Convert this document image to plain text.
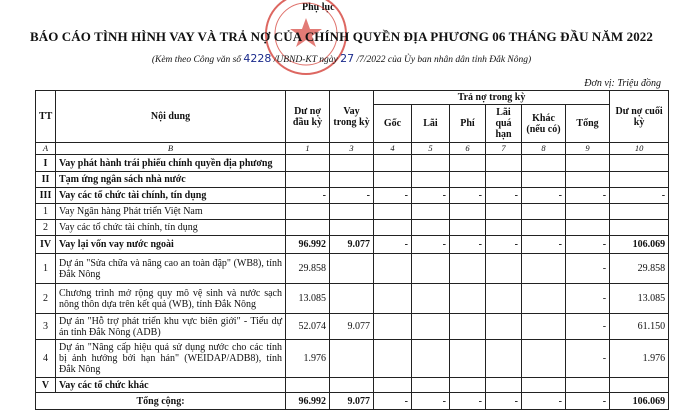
Phụ lục
BÁO CÁO TÌNH HÌNH VAY VÀ TRẢ NỢ CỦA CHÍNH QUYỀN ĐỊA PHƯƠNG 06 THÁNG ĐẦU NĂM 2022
(Kèm theo Công văn số 4228 /UBND-KT ngày 27 /7/2022 của Ủy ban nhân dân tỉnh Đắk Nông)
Đơn vị: Triệu đồng
TT	Nội dung	Dư nợ đầu kỳ	Vay trong kỳ	Trả nợ trong kỳ						Dư nợ cuối kỳ
				Gốc	Lãi	Phí	Lãi quá hạn	Khác (nếu có)	Tổng	
A	B	1	3	4	5	6	7	8	9	10
I	Vay phát hành trái phiếu chính quyền địa phương									
II	Tạm ứng ngân sách nhà nước									
III	Vay các tổ chức tài chính, tín dụng	-	-	-	-	-	-	-	-	-
1	Vay Ngân hàng Phát triển Việt Nam									
2	Vay các tổ chức tài chính, tín dụng									
IV	Vay lại vốn vay nước ngoài	96.992	9.077	-	-	-	-	-	-	106.069
1	Dự án "Sửa chữa và nâng cao an toàn đập" (WB8), tỉnh Đắk Nông	29.858							-	29.858
2	Chương trình mở rộng quy mô vệ sinh và nước sạch nông thôn dựa trên kết quả (WB), tỉnh Đắk Nông	13.085							-	13.085
3	Dự án "Hỗ trợ phát triển khu vực biên giới" - Tiểu dự án tỉnh Đắk Nông (ADB)	52.074	9.077						-	61.150
4	Dự án "Nâng cấp hiệu quả sử dụng nước cho các tỉnh bị ảnh hưởng bởi hạn hán" (WEIDAP/ADB8), tỉnh Đắk Nông	1.976							-	1.976
V	Vay các tổ chức khác									
Tổng cộng:		96.992	9.077	-	-	-	-	-	-	106.069
